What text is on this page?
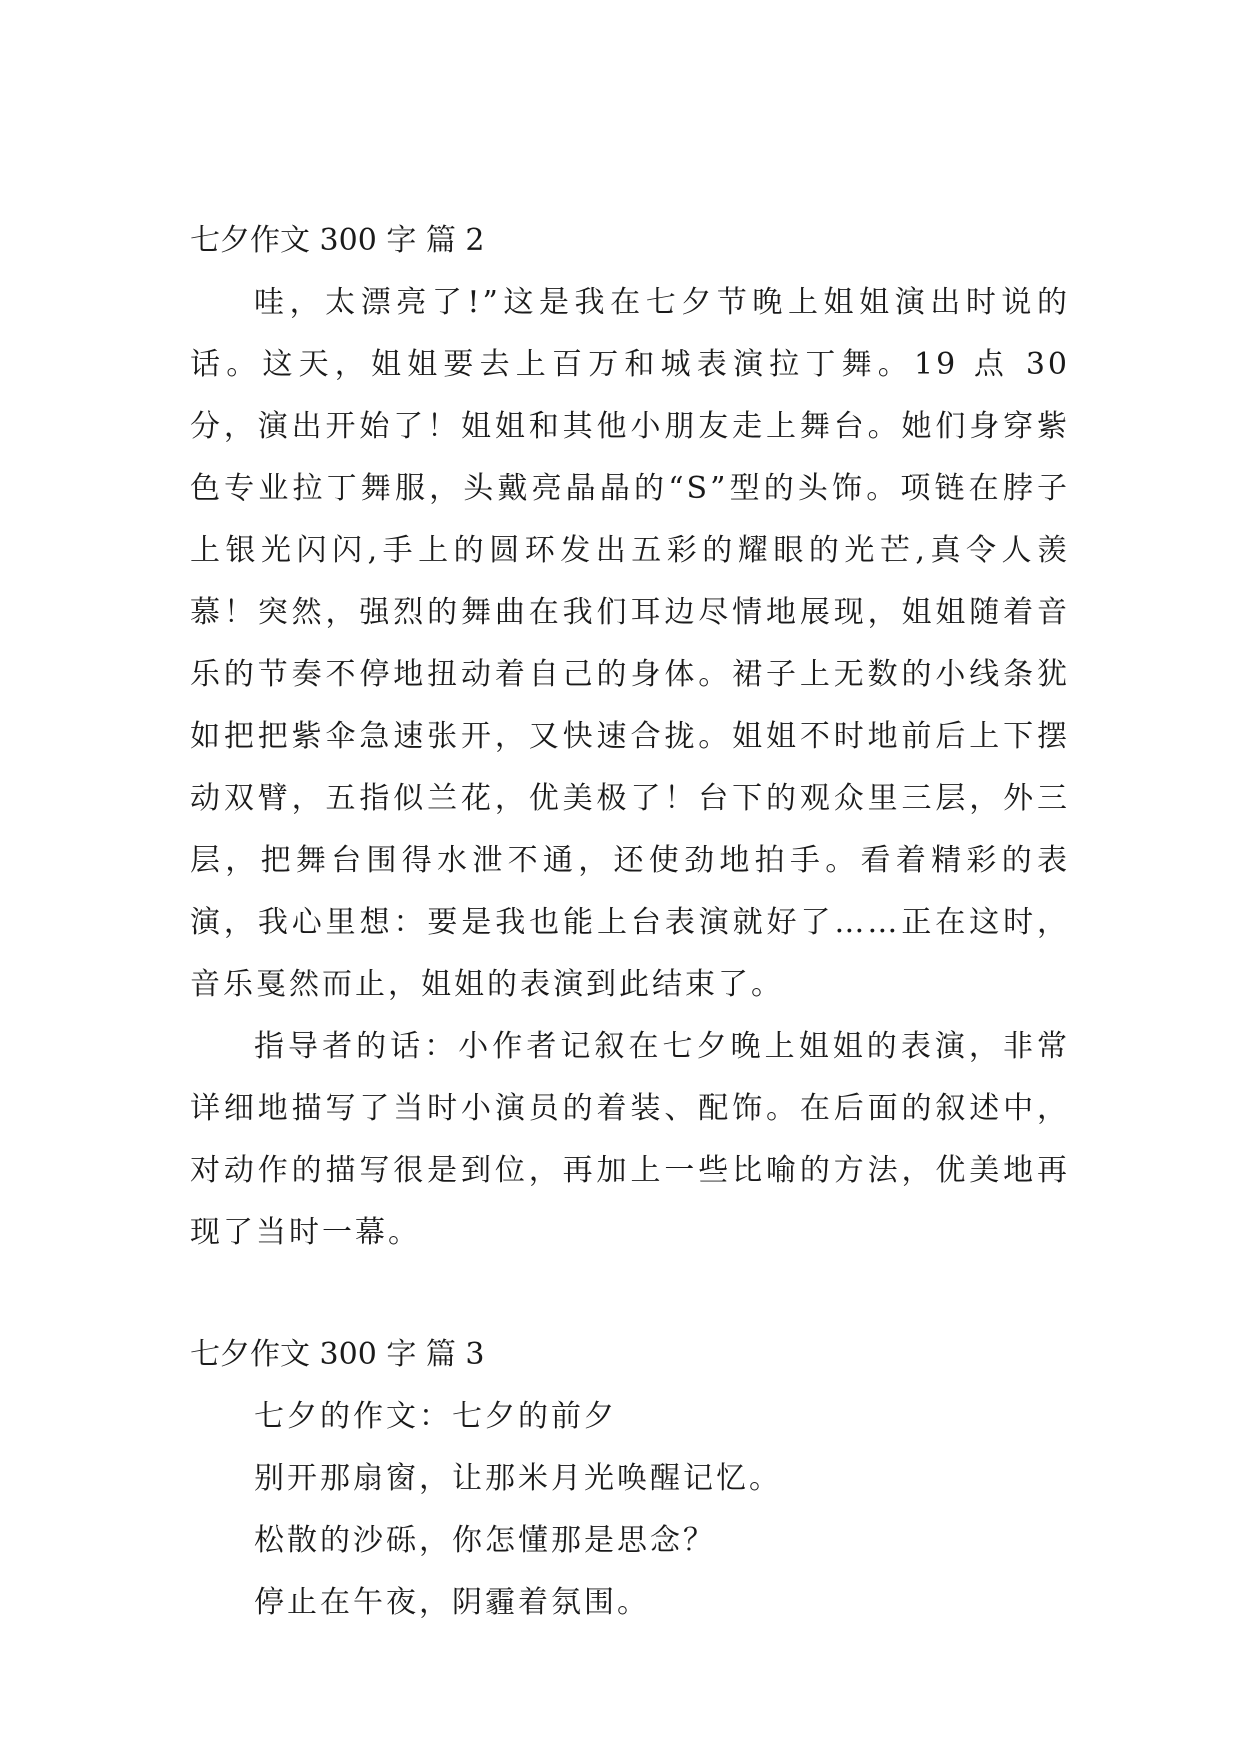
七夕作文 300 字 篇 2

哇，太漂亮了!”这是我在七夕节晚上姐姐演出时说的话。这天，姐姐要去上百万和城表演拉丁舞。19 点 30 分，演出开始了！姐姐和其他小朋友走上舞台。她们身穿紫色专业拉丁舞服，头戴亮晶晶的“S”型的头饰。项链在脖子上银光闪闪,手上的圆环发出五彩的耀眼的光芒,真令人羡慕！突然，强烈的舞曲在我们耳边尽情地展现，姐姐随着音乐的节奏不停地扭动着自己的身体。裙子上无数的小线条犹如把把紫伞急速张开，又快速合拢。姐姐不时地前后上下摆动双臂，五指似兰花，优美极了！台下的观众里三层，外三层，把舞台围得水泄不通，还使劲地拍手。看着精彩的表演，我心里想：要是我也能上台表演就好了……正在这时，音乐戛然而止，姐姐的表演到此结束了。

指导者的话：小作者记叙在七夕晚上姐姐的表演，非常详细地描写了当时小演员的着装、配饰。在后面的叙述中，对动作的描写很是到位，再加上一些比喻的方法，优美地再现了当时一幕。

七夕作文 300 字 篇 3

七夕的作文：七夕的前夕

别开那扇窗，让那米月光唤醒记忆。

松散的沙砾，你怎懂那是思念？

停止在午夜，阴霾着氛围。
